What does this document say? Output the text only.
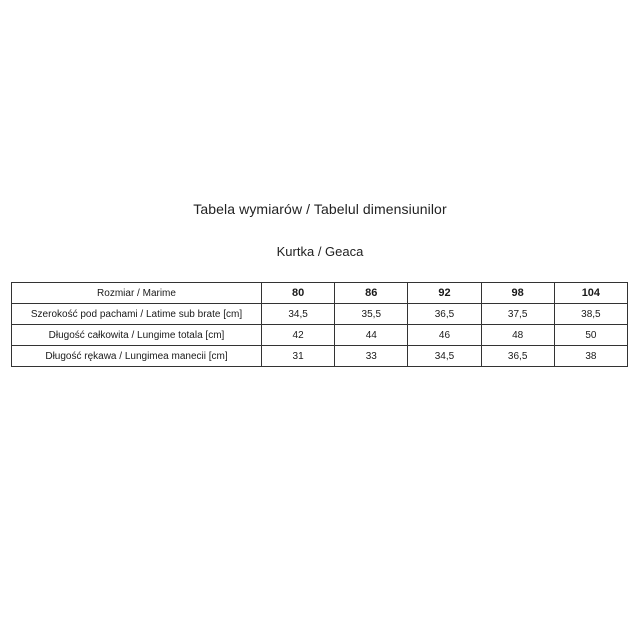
Tabela wymiarów / Tabelul dimensiunilor
Kurtka / Geaca
Rozmiar / Marime	80	86	92	98	104
Szerokość pod pachami / Latime sub brate [cm]	34,5	35,5	36,5	37,5	38,5
Długość całkowita / Lungime totala [cm]	42	44	46	48	50
Długość rękawa / Lungimea manecii [cm]	31	33	34,5	36,5	38
